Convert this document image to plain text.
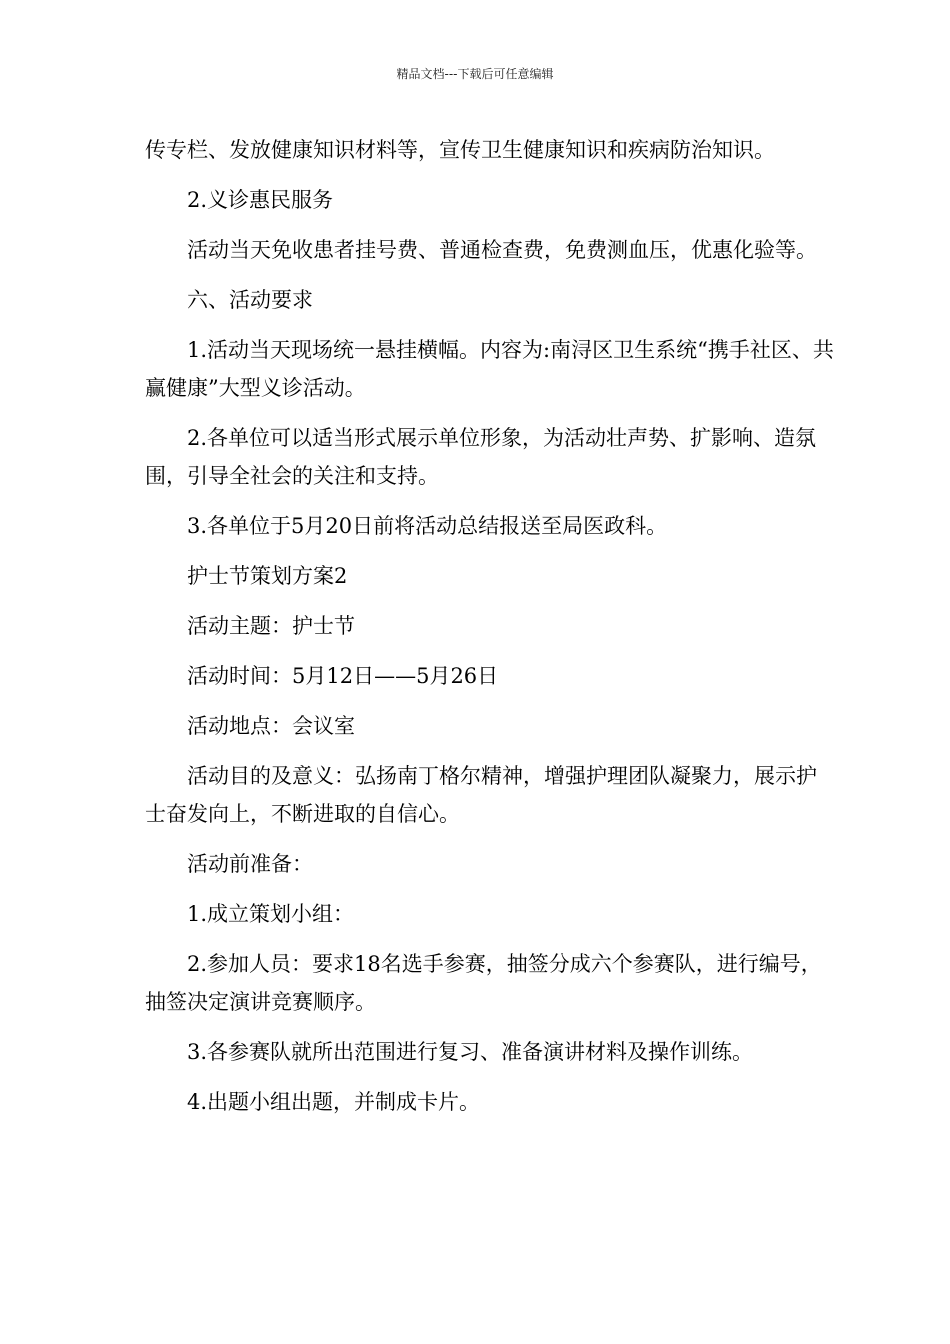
精品文档---下载后可任意编辑

传专栏、发放健康知识材料等，宣传卫生健康知识和疾病防治知识。

2.义诊惠民服务

活动当天免收患者挂号费、普通检查费，免费测血压，优惠化验等。

六、活动要求

1.活动当天现场统一悬挂横幅。内容为:南浔区卫生系统“携手社区、共赢健康”大型义诊活动。

2.各单位可以适当形式展示单位形象，为活动壮声势、扩影响、造氛围，引导全社会的关注和支持。

3.各单位于5月20日前将活动总结报送至局医政科。

护士节策划方案2

活动主题：护士节

活动时间：5月12日——5月26日

活动地点：会议室

活动目的及意义：弘扬南丁格尔精神，增强护理团队凝聚力，展示护士奋发向上，不断进取的自信心。

活动前准备：

1.成立策划小组：

2.参加人员：要求18名选手参赛，抽签分成六个参赛队，进行编号，抽签决定演讲竞赛顺序。

3.各参赛队就所出范围进行复习、准备演讲材料及操作训练。

4.出题小组出题，并制成卡片。
